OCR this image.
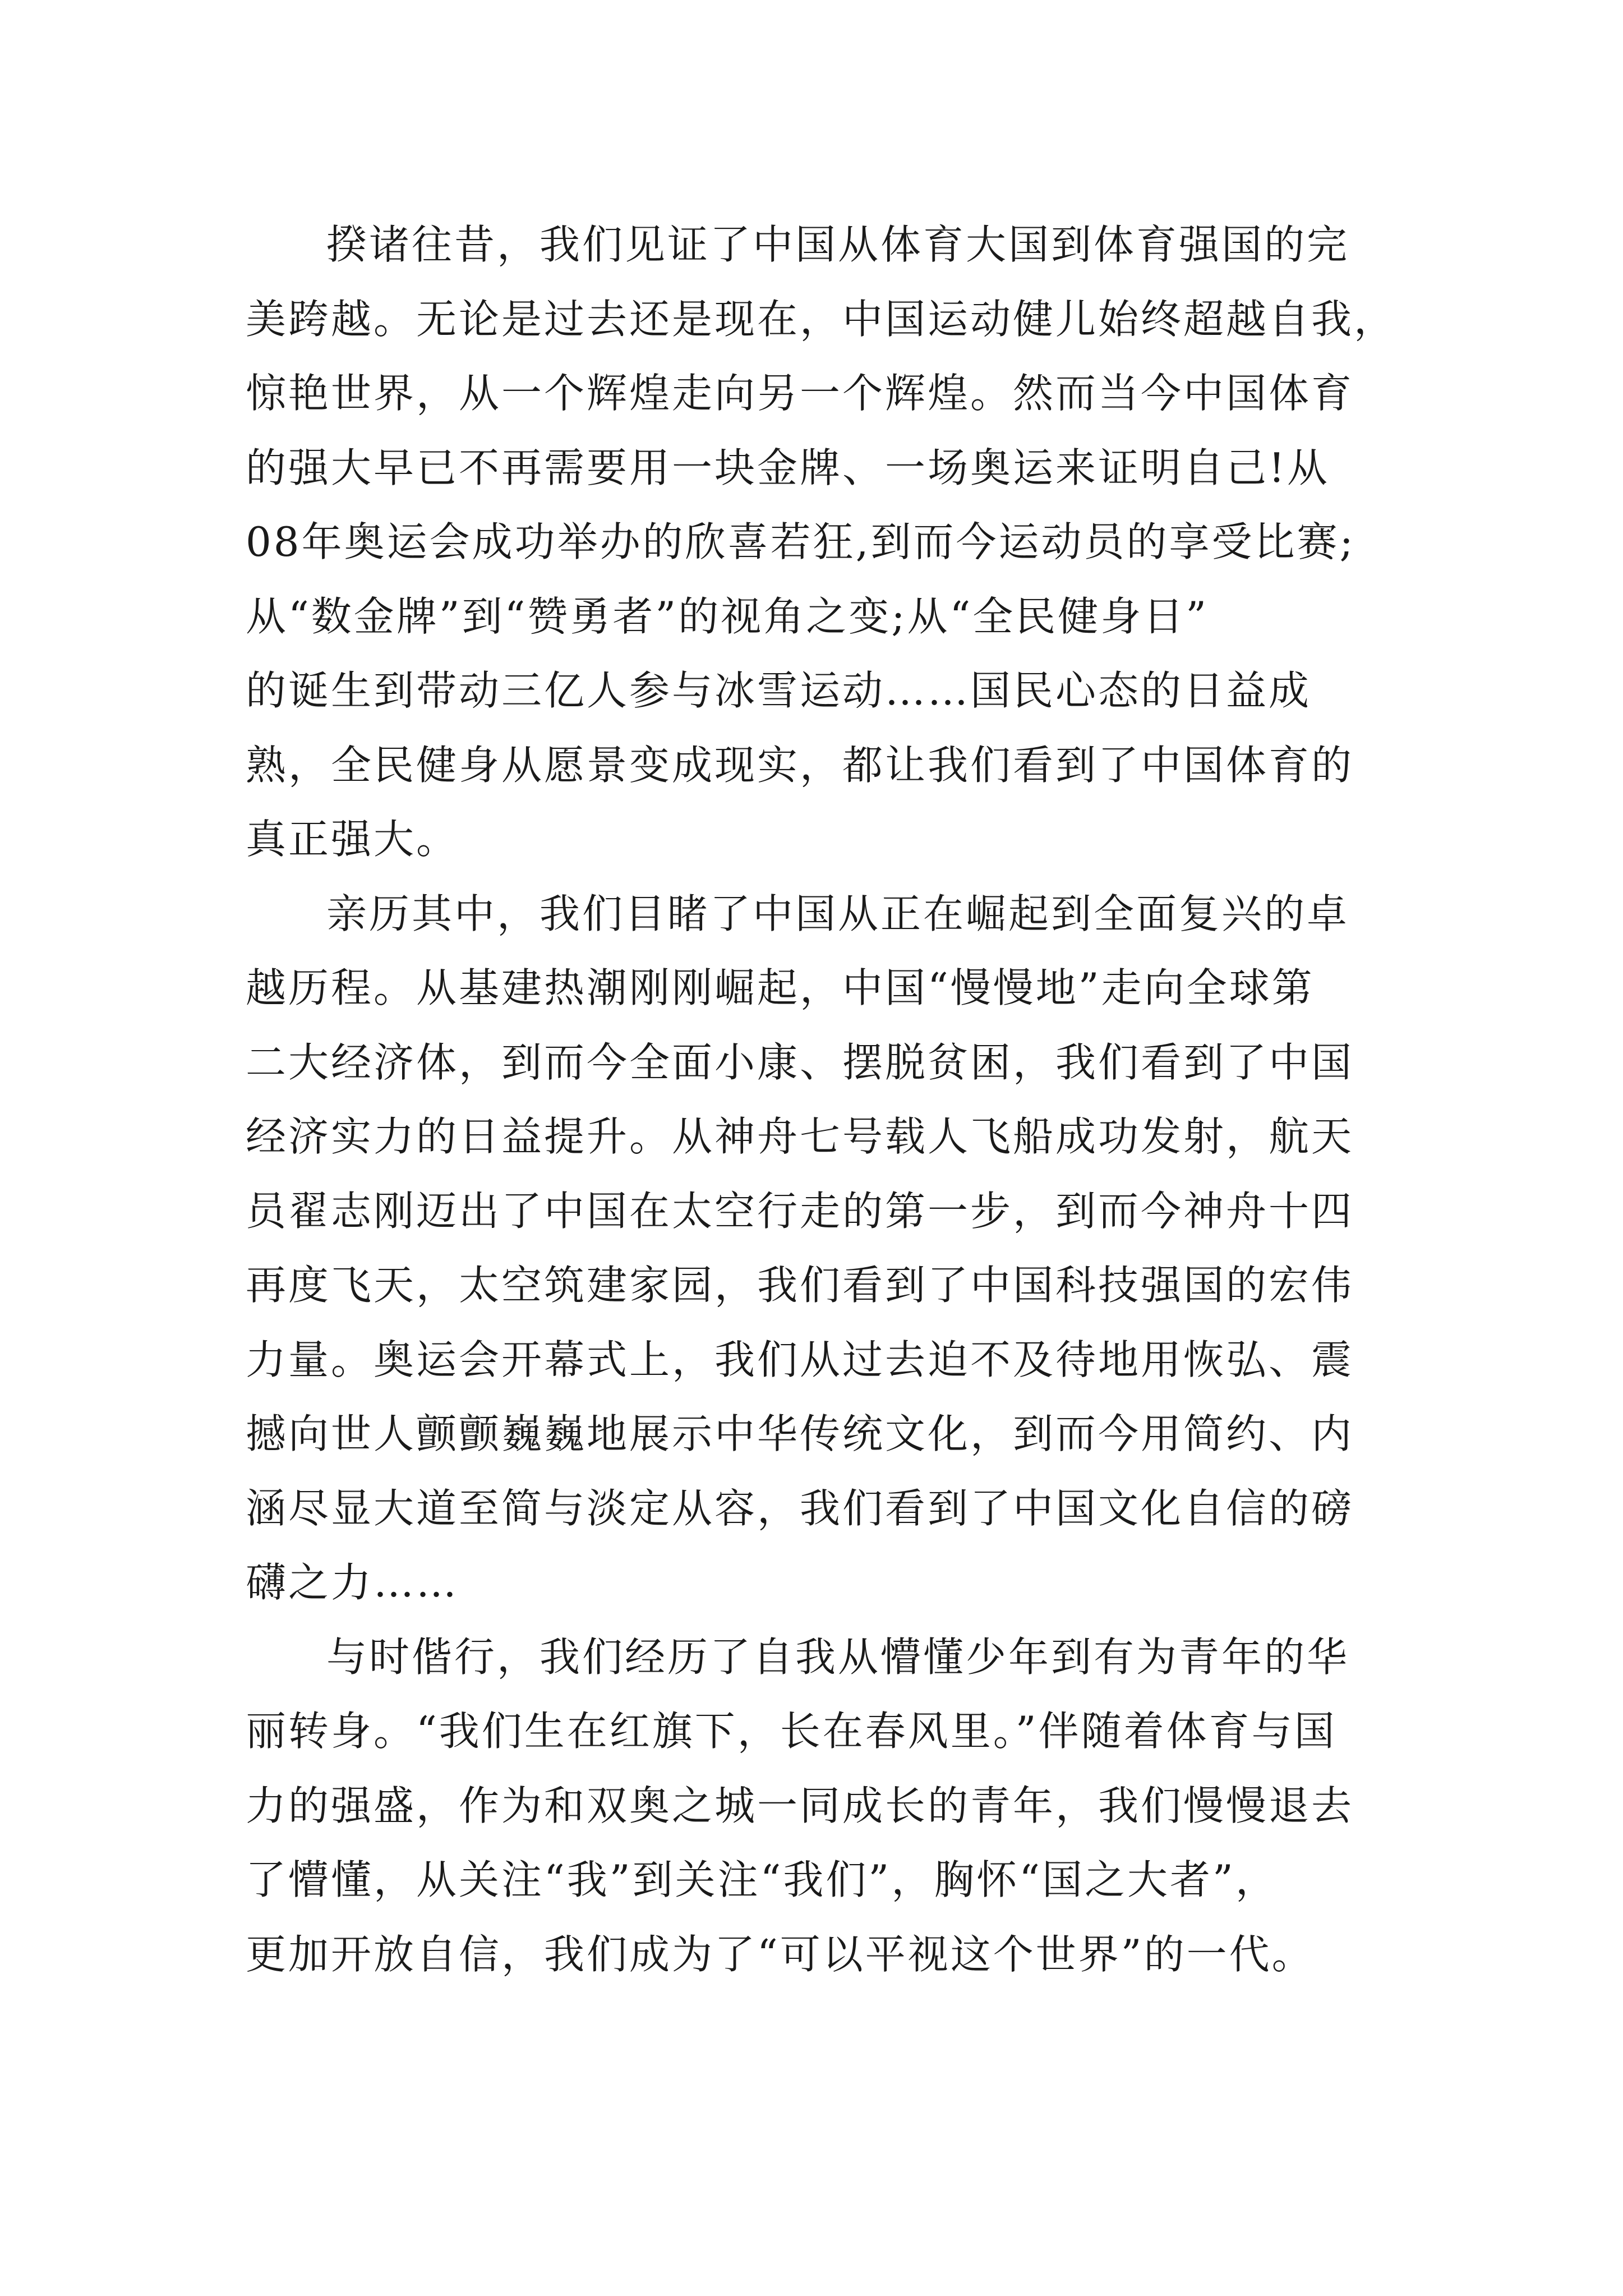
揆诸往昔，我们见证了中国从体育大国到体育强国的完
美跨越。无论是过去还是现在，中国运动健儿始终超越自我，
惊艳世界，从一个辉煌走向另一个辉煌。然而当今中国体育
的强大早已不再需要用一块金牌、一场奥运来证明自己!从
08年奥运会成功举办的欣喜若狂,到而今运动员的享受比赛;
从“数金牌”到“赞勇者”的视角之变;从“全民健身日”
的诞生到带动三亿人参与冰雪运动……国民心态的日益成
熟，全民健身从愿景变成现实，都让我们看到了中国体育的
真正强大。
亲历其中，我们目睹了中国从正在崛起到全面复兴的卓
越历程。从基建热潮刚刚崛起，中国“慢慢地”走向全球第
二大经济体，到而今全面小康、摆脱贫困，我们看到了中国
经济实力的日益提升。从神舟七号载人飞船成功发射，航天
员翟志刚迈出了中国在太空行走的第一步，到而今神舟十四
再度飞天，太空筑建家园，我们看到了中国科技强国的宏伟
力量。奥运会开幕式上，我们从过去迫不及待地用恢弘、震
撼向世人颤颤巍巍地展示中华传统文化，到而今用简约、内
涵尽显大道至简与淡定从容，我们看到了中国文化自信的磅
礴之力……
与时偕行，我们经历了自我从懵懂少年到有为青年的华
丽转身。“我们生在红旗下，长在春风里。”伴随着体育与国
力的强盛，作为和双奥之城一同成长的青年，我们慢慢退去
了懵懂，从关注“我”到关注“我们”，胸怀“国之大者”，
更加开放自信，我们成为了“可以平视这个世界”的一代。
